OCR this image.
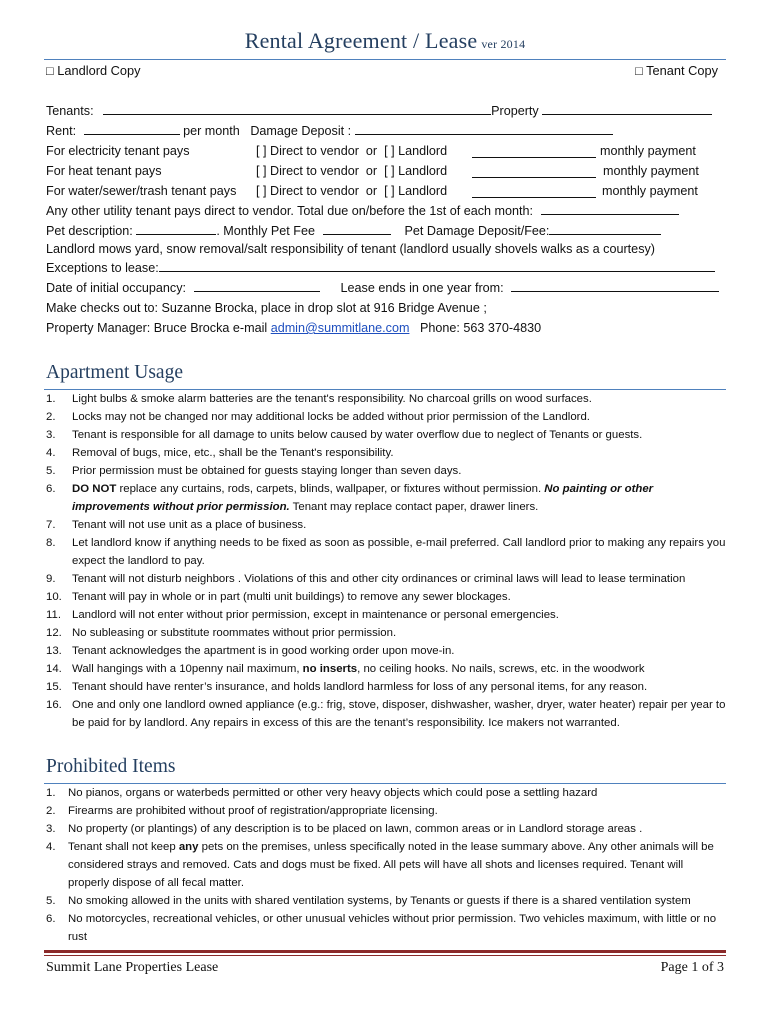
Rental Agreement / Lease ver 2014
□ Landlord Copy	□ Tenant Copy
Tenants:	Property
Rent:	per month Damage Deposit :
For electricity tenant pays	[ ] Direct to vendor or [ ] Landlord	monthly payment
For heat tenant pays	[ ] Direct to vendor or [ ] Landlord	monthly payment
For water/sewer/trash tenant pays [ ] Direct to vendor or [ ] Landlord	monthly payment
Any other utility tenant pays direct to vendor. Total due on/before the 1st of each month:
Pet description:	. Monthly Pet Fee	Pet Damage Deposit/Fee:
Landlord mows yard, snow removal/salt responsibility of tenant (landlord usually shovels walks as a courtesy)
Exceptions to lease:
Date of initial occupancy:	Lease ends in one year from:
Make checks out to: Suzanne Brocka, place in drop slot at 916 Bridge Avenue ;
Property Manager: Bruce Brocka e-mail admin@summitlane.com Phone: 563 370-4830
Apartment Usage
1.	Light bulbs & smoke alarm batteries are the tenant's responsibility. No charcoal grills on wood surfaces.
2.	Locks may not be changed nor may additional locks be added without prior permission of the Landlord.
3.	Tenant is responsible for all damage to units below caused by water overflow due to neglect of Tenants or guests.
4.	Removal of bugs, mice, etc., shall be the Tenant's responsibility.
5.	Prior permission must be obtained for guests staying longer than seven days.
6.	DO NOT replace any curtains, rods, carpets, blinds, wallpaper, or fixtures without permission. No painting or other improvements without prior permission. Tenant may replace contact paper, drawer liners.
7.	Tenant will not use unit as a place of business.
8.	Let landlord know if anything needs to be fixed as soon as possible, e-mail preferred. Call landlord prior to making any repairs you expect the landlord to pay.
9.	Tenant will not disturb neighbors . Violations of this and other city ordinances or criminal laws will lead to lease termination
10. Tenant will pay in whole or in part (multi unit buildings) to remove any sewer blockages.
11. Landlord will not enter without prior permission, except in maintenance or personal emergencies.
12. No subleasing or substitute roommates without prior permission.
13. Tenant acknowledges the apartment is in good working order upon move-in.
14. Wall hangings with a 10penny nail maximum, no inserts, no ceiling hooks. No nails, screws, etc. in the woodwork
15. Tenant should have renter’s insurance, and holds landlord harmless for loss of any personal items, for any reason.
16. One and only one landlord owned appliance (e.g.: frig, stove, disposer, dishwasher, washer, dryer, water heater) repair per year to be paid for by landlord. Any repairs in excess of this are the tenant’s responsibility. Ice makers not warranted.
Prohibited Items
1.	No pianos, organs or waterbeds permitted or other very heavy objects which could pose a settling hazard
2.	Firearms are prohibited without proof of registration/appropriate licensing.
3.	No property (or plantings) of any description is to be placed on lawn, common areas or in Landlord storage areas .
4.	Tenant shall not keep any pets on the premises, unless specifically noted in the lease summary above. Any other animals will be considered strays and removed. Cats and dogs must be fixed. All pets will have all shots and licenses required. Tenant will properly dispose of all fecal matter.
5.	No smoking allowed in the units with shared ventilation systems, by Tenants or guests if there is a shared ventilation system
6.	No motorcycles, recreational vehicles, or other unusual vehicles without prior permission. Two vehicles maximum, with little or no rust
Summit Lane Properties Lease	Page 1 of 3
